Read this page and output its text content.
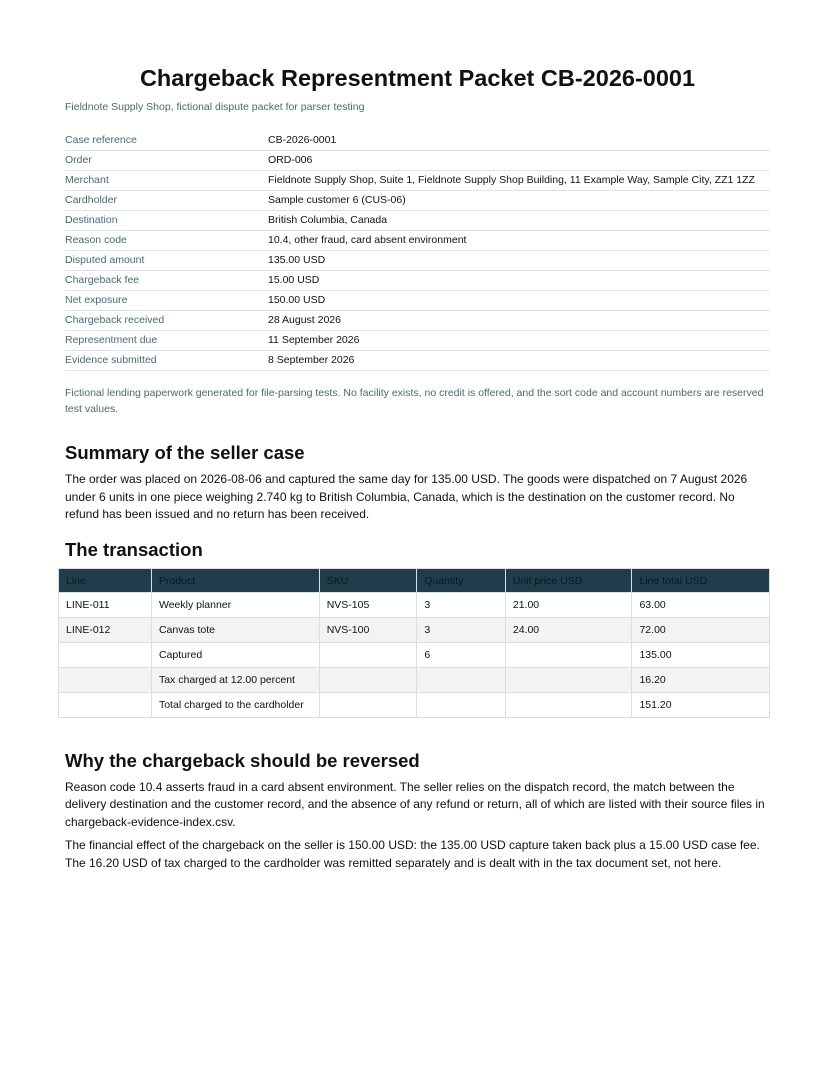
Chargeback Representment Packet CB-2026-0001
Fieldnote Supply Shop, fictional dispute packet for parser testing
Case reference	CB-2026-0001
Order	ORD-006
Merchant	Fieldnote Supply Shop, Suite 1, Fieldnote Supply Shop Building, 11 Example Way, Sample City, ZZ1 1ZZ
Cardholder	Sample customer 6 (CUS-06)
Destination	British Columbia, Canada
Reason code	10.4, other fraud, card absent environment
Disputed amount	135.00 USD
Chargeback fee	15.00 USD
Net exposure	150.00 USD
Chargeback received	28 August 2026
Representment due	11 September 2026
Evidence submitted	8 September 2026
Fictional lending paperwork generated for file-parsing tests. No facility exists, no credit is offered, and the sort code and account numbers are reserved test values.
Summary of the seller case
The order was placed on 2026-08-06 and captured the same day for 135.00 USD. The goods were dispatched on 7 August 2026 under 6 units in one piece weighing 2.740 kg to British Columbia, Canada, which is the destination on the customer record. No refund has been issued and no return has been received.
The transaction
Line	Product	SKU	Quantity	Unit price USD	Line total USD
LINE-011	Weekly planner	NVS-105	3	21.00	63.00
LINE-012	Canvas tote	NVS-100	3	24.00	72.00
	Captured		6		135.00
	Tax charged at 12.00 percent				16.20
	Total charged to the cardholder				151.20
Why the chargeback should be reversed
Reason code 10.4 asserts fraud in a card absent environment. The seller relies on the dispatch record, the match between the delivery destination and the customer record, and the absence of any refund or return, all of which are listed with their source files in chargeback-evidence-index.csv.
The financial effect of the chargeback on the seller is 150.00 USD: the 135.00 USD capture taken back plus a 15.00 USD case fee. The 16.20 USD of tax charged to the cardholder was remitted separately and is dealt with in the tax document set, not here.
